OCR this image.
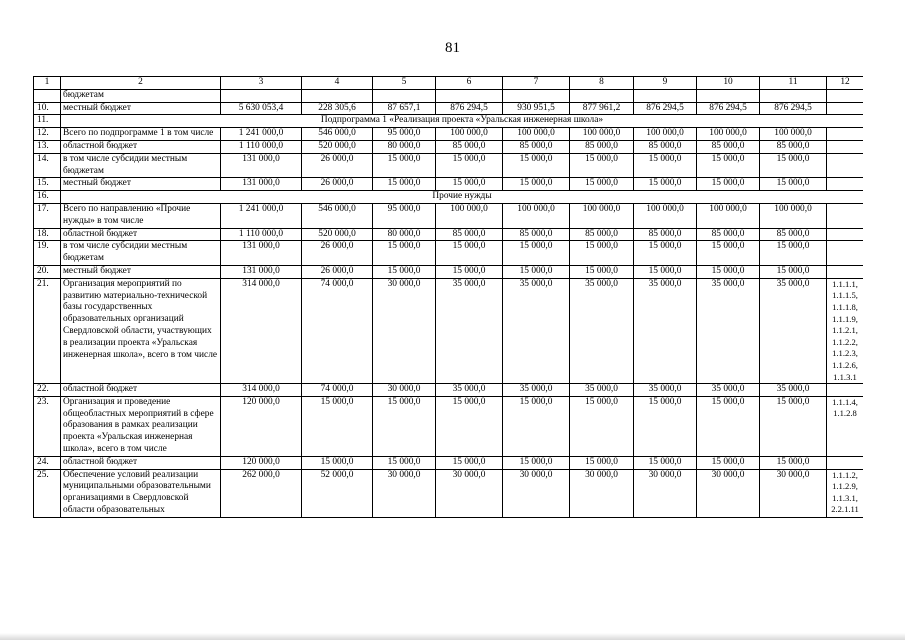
81
1	2	3	4	5	6	7	8	9	10	11	12
	бюджетам										
10.	местный бюджет	5 630 053,4	228 305,6	87 657,1	876 294,5	930 951,5	877 961,2	876 294,5	876 294,5	876 294,5	
11.	Подпрограмма 1 «Реализация проекта «Уральская инженерная школа»										
12.	Всего по подпрограмме 1 в том числе	1 241 000,0	546 000,0	95 000,0	100 000,0	100 000,0	100 000,0	100 000,0	100 000,0	100 000,0	
13.	областной бюджет	1 110 000,0	520 000,0	80 000,0	85 000,0	85 000,0	85 000,0	85 000,0	85 000,0	85 000,0	
14.	в том числе субсидии местным бюджетам	131 000,0	26 000,0	15 000,0	15 000,0	15 000,0	15 000,0	15 000,0	15 000,0	15 000,0	
15.	местный бюджет	131 000,0	26 000,0	15 000,0	15 000,0	15 000,0	15 000,0	15 000,0	15 000,0	15 000,0	
16.	Прочие нужды										
17.	Всего по направлению «Прочие нужды» в том числе	1 241 000,0	546 000,0	95 000,0	100 000,0	100 000,0	100 000,0	100 000,0	100 000,0	100 000,0	
18.	областной бюджет	1 110 000,0	520 000,0	80 000,0	85 000,0	85 000,0	85 000,0	85 000,0	85 000,0	85 000,0	
19.	в том числе субсидии местным бюджетам	131 000,0	26 000,0	15 000,0	15 000,0	15 000,0	15 000,0	15 000,0	15 000,0	15 000,0	
20.	местный бюджет	131 000,0	26 000,0	15 000,0	15 000,0	15 000,0	15 000,0	15 000,0	15 000,0	15 000,0	
21.	Организация мероприятий по развитию материально-технической базы государственных образовательных организаций Свердловской области, участвующих в реализации проекта «Уральская инженерная школа», всего в том числе	314 000,0	74 000,0	30 000,0	35 000,0	35 000,0	35 000,0	35 000,0	35 000,0	35 000,0	1.1.1.1, 1.1.1.5, 1.1.1.8, 1.1.1.9, 1.1.2.1, 1.1.2.2, 1.1.2.3, 1.1.2.6, 1.1.3.1
22.	областной бюджет	314 000,0	74 000,0	30 000,0	35 000,0	35 000,0	35 000,0	35 000,0	35 000,0	35 000,0	
23.	Организация и проведение общеобластных мероприятий в сфере образования в рамках реализации проекта «Уральская инженерная школа», всего в том числе	120 000,0	15 000,0	15 000,0	15 000,0	15 000,0	15 000,0	15 000,0	15 000,0	15 000,0	1.1.1.4, 1.1.2.8
24.	областной бюджет	120 000,0	15 000,0	15 000,0	15 000,0	15 000,0	15 000,0	15 000,0	15 000,0	15 000,0	
25.	Обеспечение условий реализации муниципальными образовательными организациями в Свердловской области образовательных	262 000,0	52 000,0	30 000,0	30 000,0	30 000,0	30 000,0	30 000,0	30 000,0	30 000,0	1.1.1.2, 1.1.2.9, 1.1.3.1, 2.2.1.11
